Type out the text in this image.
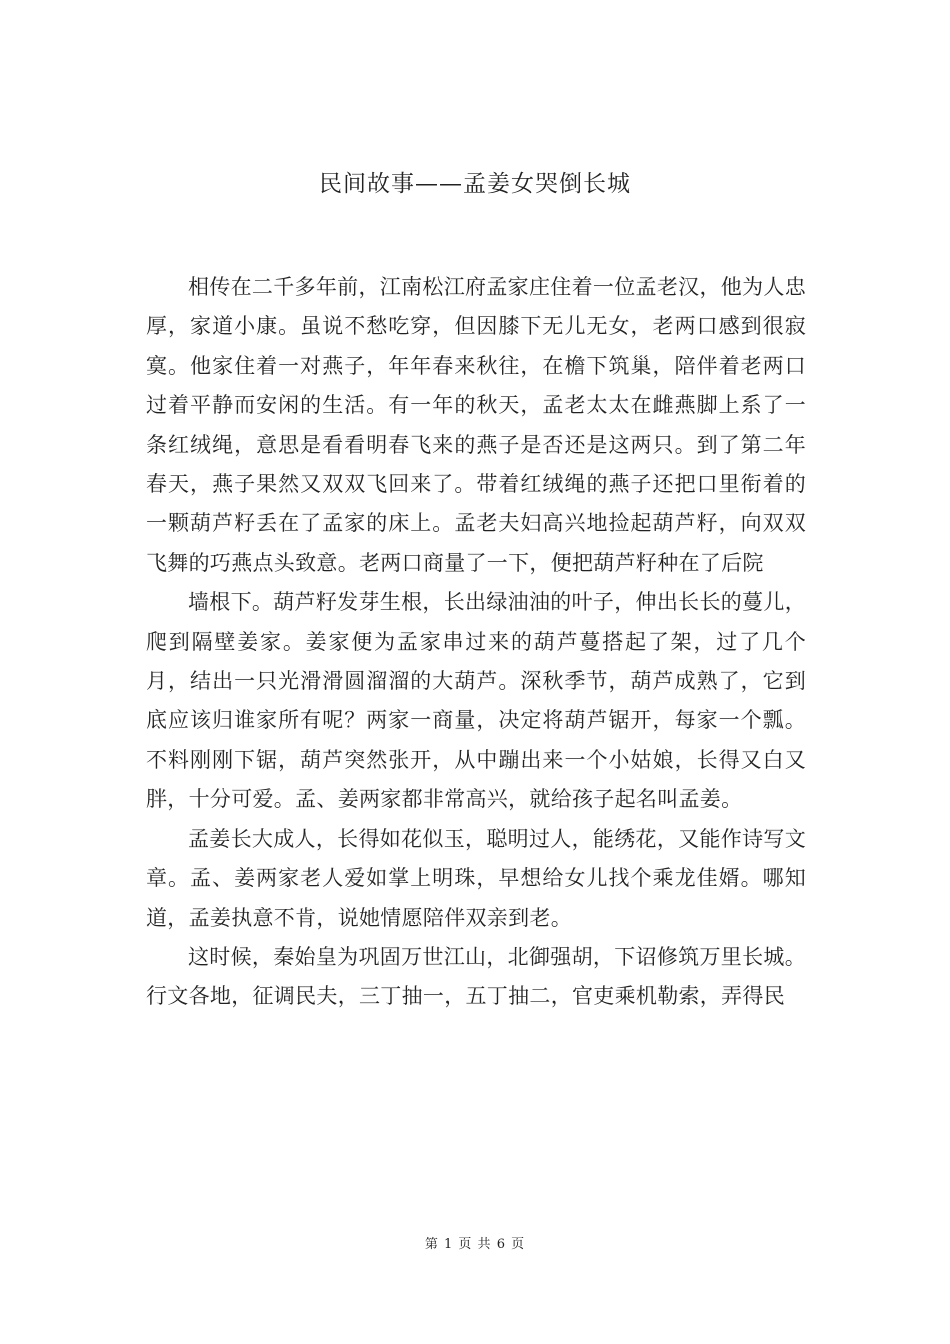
民间故事——孟姜女哭倒长城

相传在二千多年前，江南松江府孟家庄住着一位孟老汉，他为人忠厚，家道小康。虽说不愁吃穿，但因膝下无儿无女，老两口感到很寂寞。他家住着一对燕子，年年春来秋往，在檐下筑巢，陪伴着老两口过着平静而安闲的生活。有一年的秋天，孟老太太在雌燕脚上系了一条红绒绳，意思是看看明春飞来的燕子是否还是这两只。到了第二年春天，燕子果然又双双飞回来了。带着红绒绳的燕子还把口里衔着的一颗葫芦籽丢在了孟家的床上。孟老夫妇高兴地捡起葫芦籽，向双双飞舞的巧燕点头致意。老两口商量了一下，便把葫芦籽种在了后院

墙根下。葫芦籽发芽生根，长出绿油油的叶子，伸出长长的蔓儿，爬到隔壁姜家。姜家便为孟家串过来的葫芦蔓搭起了架，过了几个月，结出一只光滑滑圆溜溜的大葫芦。深秋季节，葫芦成熟了，它到底应该归谁家所有呢？两家一商量，决定将葫芦锯开，每家一个瓢。不料刚刚下锯，葫芦突然张开，从中蹦出来一个小姑娘，长得又白又胖，十分可爱。孟、姜两家都非常高兴，就给孩子起名叫孟姜。

孟姜长大成人，长得如花似玉，聪明过人，能绣花，又能作诗写文章。孟、姜两家老人爱如掌上明珠，早想给女儿找个乘龙佳婿。哪知道，孟姜执意不肯，说她情愿陪伴双亲到老。

这时候，秦始皇为巩固万世江山，北御强胡，下诏修筑万里长城。行文各地，征调民夫，三丁抽一，五丁抽二，官吏乘机勒索，弄得民

第 1 页 共 6 页
